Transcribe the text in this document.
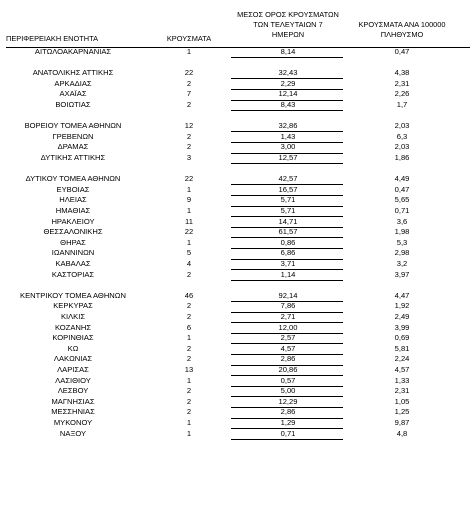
ΜΕΣΟΣ ΟΡΟΣ ΚΡΟΥΣΜΑΤΩΝ
ΤΩΝ ΤΕΛΕΥΤΑΙΩΝ 7	ΚΡΟΥΣΜΑΤΑ ΑΝΑ 100000
ΠΕΡΙΦΕΡΕΙΑΚΗ ΕΝΟΤΗΤΑ	ΚΡΟΥΣΜΑΤΑ	ΗΜΕΡΩΝ	ΠΛΗΘΥΣΜΟ
ΑΙΤΩΛΟΑΚΑΡΝΑΝΙΑΣ	1	8,14	0,47
ΑΝΑΤΟΛΙΚΗΣ ΑΤΤΙΚΗΣ	22	32,43	4,38
ΑΡΚΑΔΙΑΣ	2	2,29	2,31
ΑΧΑΪΑΣ	7	12,14	2,26
ΒΟΙΩΤΙΑΣ	2	8,43	1,7
ΒΟΡΕΙΟΥ ΤΟΜΕΑ ΑΘΗΝΩΝ	12	32,86	2,03
ΓΡΕΒΕΝΩΝ	2	1,43	6,3
ΔΡΑΜΑΣ	2	3,00	2,03
ΔΥΤΙΚΗΣ ΑΤΤΙΚΗΣ	3	12,57	1,86
ΔΥΤΙΚΟΥ ΤΟΜΕΑ ΑΘΗΝΩΝ	22	42,57	4,49
ΕΥΒΟΙΑΣ	1	16,57	0,47
ΗΛΕΙΑΣ	9	5,71	5,65
ΗΜΑΘΙΑΣ	1	5,71	0,71
ΗΡΑΚΛΕΙΟΥ	11	14,71	3,6
ΘΕΣΣΑΛΟΝΙΚΗΣ	22	61,57	1,98
ΘΗΡΑΣ	1	0,86	5,3
ΙΩΑΝΝΙΝΩΝ	5	6,86	2,98
ΚΑΒΑΛΑΣ	4	3,71	3,2
ΚΑΣΤΟΡΙΑΣ	2	1,14	3,97
ΚΕΝΤΡΙΚΟΥ ΤΟΜΕΑ ΑΘΗΝΩΝ	46	92,14	4,47
ΚΕΡΚΥΡΑΣ	2	7,86	1,92
ΚΙΛΚΙΣ	2	2,71	2,49
ΚΟΖΑΝΗΣ	6	12,00	3,99
ΚΟΡΙΝΘΙΑΣ	1	2,57	0,69
ΚΩ	2	4,57	5,81
ΛΑΚΩΝΙΑΣ	2	2,86	2,24
ΛΑΡΙΣΑΣ	13	20,86	4,57
ΛΑΣΙΘΙΟΥ	1	0,57	1,33
ΛΕΣΒΟΥ	2	5,00	2,31
ΜΑΓΝΗΣΙΑΣ	2	12,29	1,05
ΜΕΣΣΗΝΙΑΣ	2	2,86	1,25
ΜΥΚΟΝΟΥ	1	1,29	9,87
ΝΑΞΟΥ	1	0,71	4,8
